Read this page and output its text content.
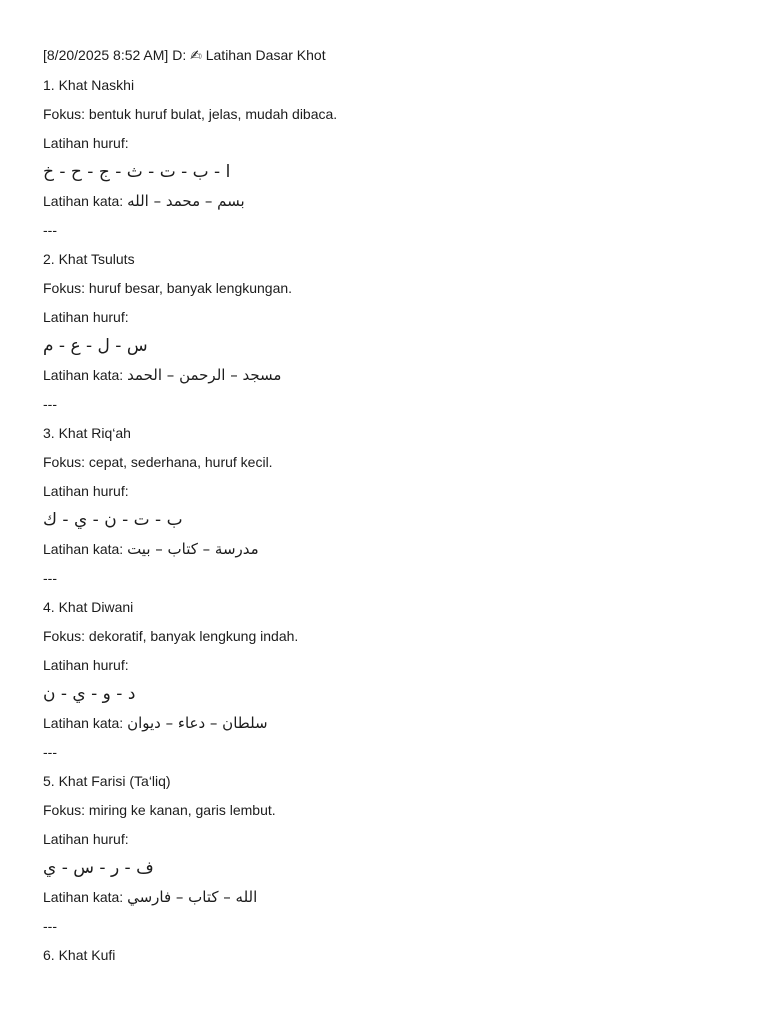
[8/20/2025 8:52 AM] D: ✍ Latihan Dasar Khot

1. Khat Naskhi

Fokus: bentuk huruf bulat, jelas, mudah dibaca.

Latihan huruf:

ا - ب - ت - ث - ج - ح - خ

Latihan kata: بسم – محمد – الله

---

2. Khat Tsuluts

Fokus: huruf besar, banyak lengkungan.

Latihan huruf:

س - ل - ع - م

Latihan kata: مسجد – الرحمن – الحمد

---

3. Khat Riq‘ah

Fokus: cepat, sederhana, huruf kecil.

Latihan huruf:

ب - ت - ن - ي - ك

Latihan kata: مدرسة – كتاب – بيت

---

4. Khat Diwani

Fokus: dekoratif, banyak lengkung indah.

Latihan huruf:

د - و - ي - ن

Latihan kata: سلطان – دعاء – ديوان

---

5. Khat Farisi (Ta‘liq)

Fokus: miring ke kanan, garis lembut.

Latihan huruf:

ف - ر - س - ي

Latihan kata: الله – كتاب – فارسي

---

6. Khat Kufi
